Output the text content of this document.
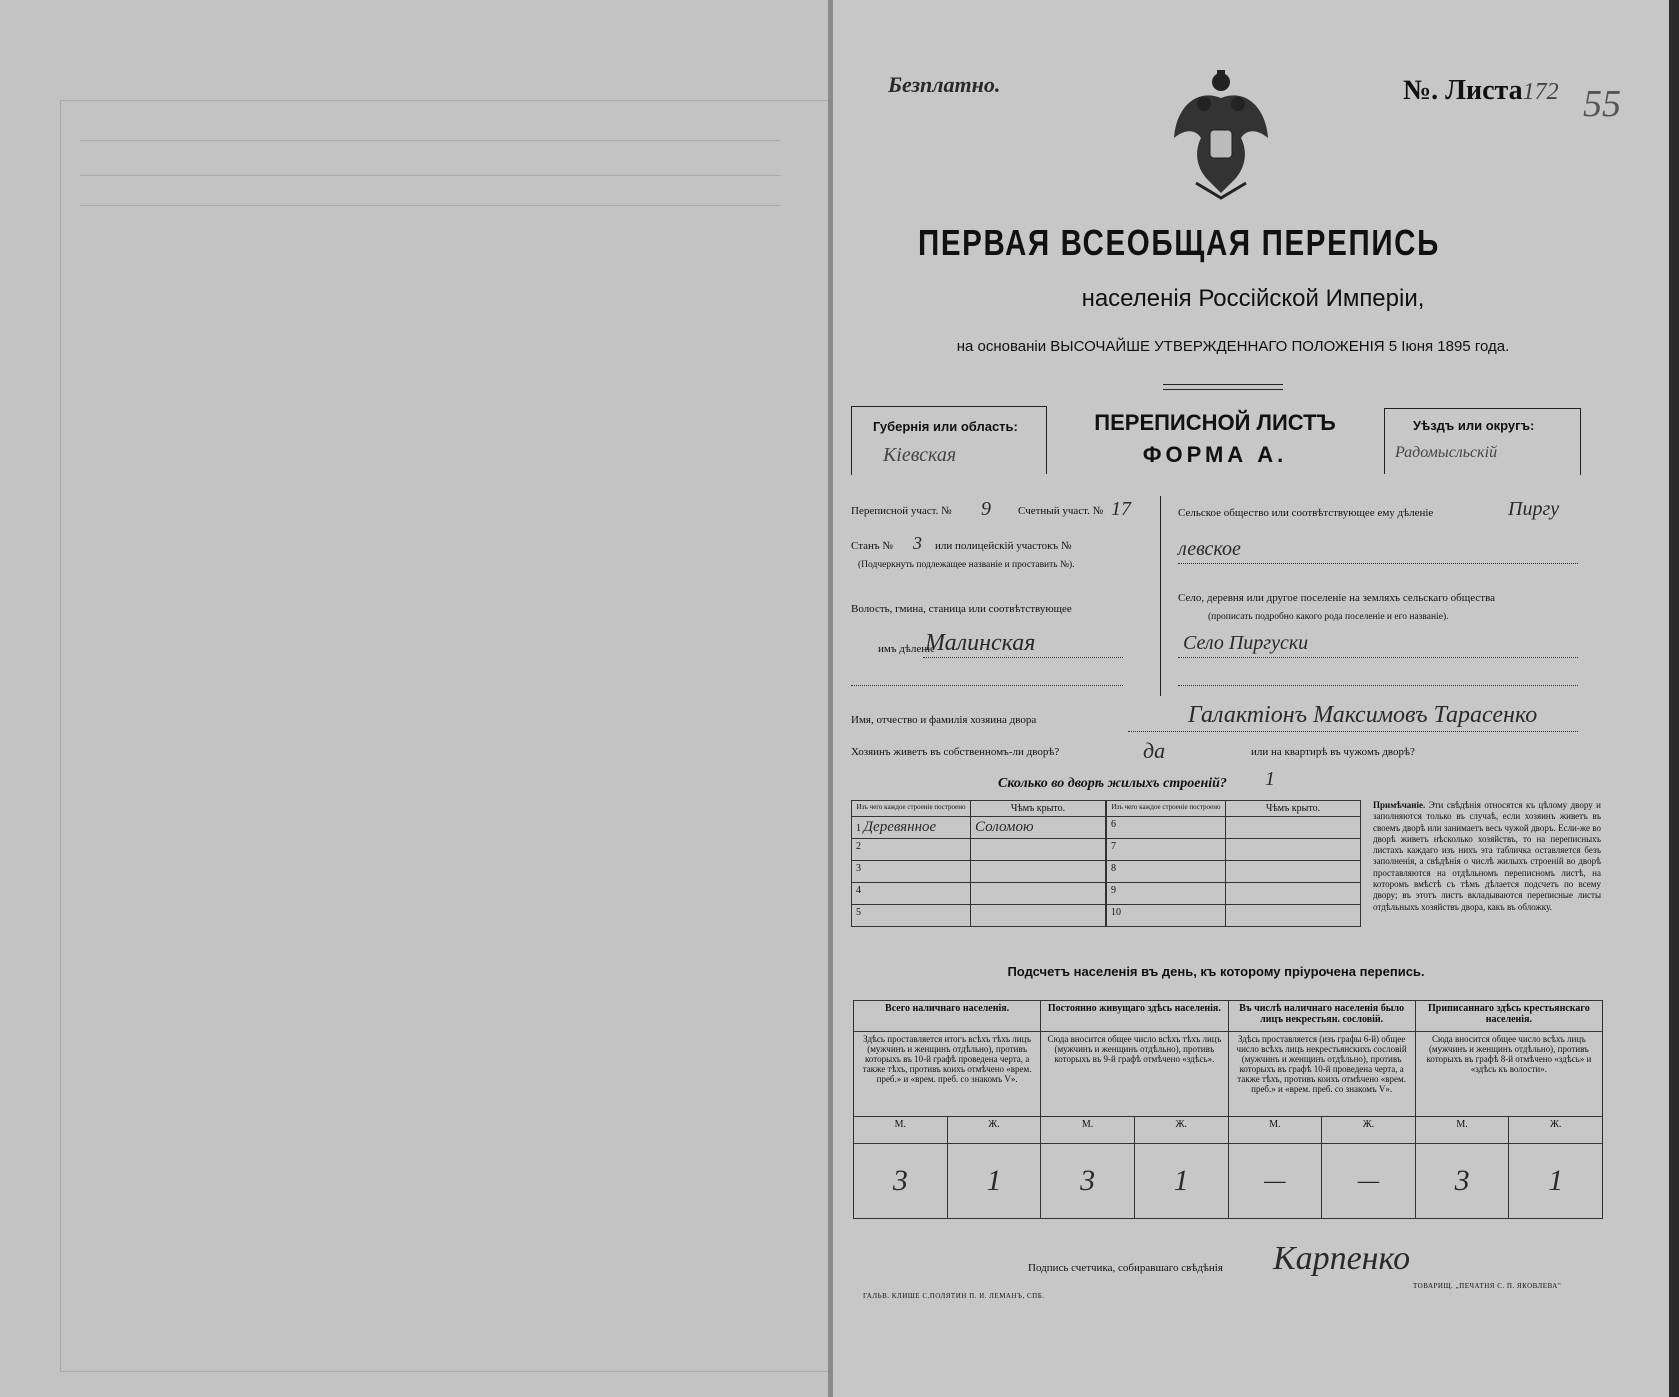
Безплатно.	№. Листа172 55
ПЕРВАЯ ВСЕОБЩАЯ ПЕРЕПИСЬ
населенія Россійской Имперіи,
на основаніи ВЫСОЧАЙШЕ УТВЕРЖДЕННАГО ПОЛОЖЕНІЯ 5 Іюня 1895 года.
Губернія или область:
Кіевская
ПЕРЕПИСНОЙ ЛИСТЪ
ФОРМА А.
Уѣздъ или округъ:
Радомысльскій
Переписной участ. № 9 Счетный участ. № 17
Станъ № 3 или полицейскій участокъ №
(Подчеркнуть подлежащее названіе и проставить №).
Волость, гмина, станица или соотвѣтствующее
имъ дѣленіе
Малинская
Сельское общество или соотвѣтствующее ему дѣленіе	Пиргу
левское
Село, деревня или другое поселеніе на земляхъ сельскаго общества
(прописать подробно какого рода поселеніе и его названіе).
Село Пиргуски
Имя, отчество и фамилія хозяина двора	Галактіонъ Максимовъ Тарасенко
Хозяинъ живетъ въ собственномъ-ли дворѣ?	да	или на квартирѣ въ чужомъ дворѣ?
Сколько во дворѣ жилыхъ строеній? 1
Изъ чего каждое строеніе построено	Чѣмъ крыто.
1 Деревянное	Соломою
2	
3	
4	
5	
Изъ чего каждое строеніе построено	Чѣмъ крыто.
6	
7	
8	
9	
10	
Примѣчаніе. Эти свѣдѣнія относятся къ цѣлому двору и заполняются только въ случаѣ, если хозяинъ живетъ въ своемъ дворѣ или занимаетъ весь чужой дворъ. Если-же во дворѣ живетъ нѣсколько хозяйствъ, то на переписныхъ листахъ каждаго изъ нихъ эта табличка оставляется безъ заполненія, а свѣдѣнія о числѣ жилыхъ строеній во дворѣ проставляются на отдѣльномъ переписномъ листѣ, на которомъ вмѣстѣ съ тѣмъ дѣлается подсчетъ по всему двору; въ этотъ листъ вкладываются переписные листы отдѣльныхъ хозяйствъ двора, какъ въ обложку.
Подсчетъ населенія въ день, къ которому пріурочена перепись.
Всего наличнаго населенія.		Постоянно живущаго здѣсь населенія.		Въ числѣ наличнаго населенія было лицъ некрестьян. сословій.		Приписаннаго здѣсь крестьянскаго населенія.	
Здѣсь проставляется итогъ всѣхъ тѣхъ лицъ (мужчинъ и женщинъ отдѣльно), противъ которыхъ въ 10-й графѣ проведена черта, а также тѣхъ, противъ коихъ отмѣчено «врем. преб.» и «врем. преб. со знакомъ V».		Сюда вносится общее число всѣхъ тѣхъ лицъ (мужчинъ и женщинъ отдѣльно), противъ которыхъ въ 9-й графѣ отмѣчено «здѣсь».		Здѣсь проставляется (изъ графы 6-й) общее число всѣхъ лицъ некрестьянскихъ сословій (мужчинъ и женщинъ отдѣльно), противъ которыхъ въ графѣ 10-й проведена черта, а также тѣхъ, противъ коихъ отмѣчено «врем. преб.» и «врем. преб. со знакомъ V».		Сюда вносится общее число всѣхъ лицъ (мужчинъ и женщинъ отдѣльно), противъ которыхъ въ графѣ 8-й отмѣчено «здѣсь» и «здѣсь къ волости».	
М.	Ж.	М.	Ж.	М.	Ж.	М.	Ж.
3	1	3	1	—	—	3	1
Подпись счетчика, собиравшаго свѣдѣнія Карпенко
ГАЛЬВ. КЛИШЕ С.ПОЛЯТИН П. И. ЛЕМАНЪ, СПБ.
ТОВАРИЩ. „ПЕЧАТНЯ С. П. ЯКОВЛЕВА"
